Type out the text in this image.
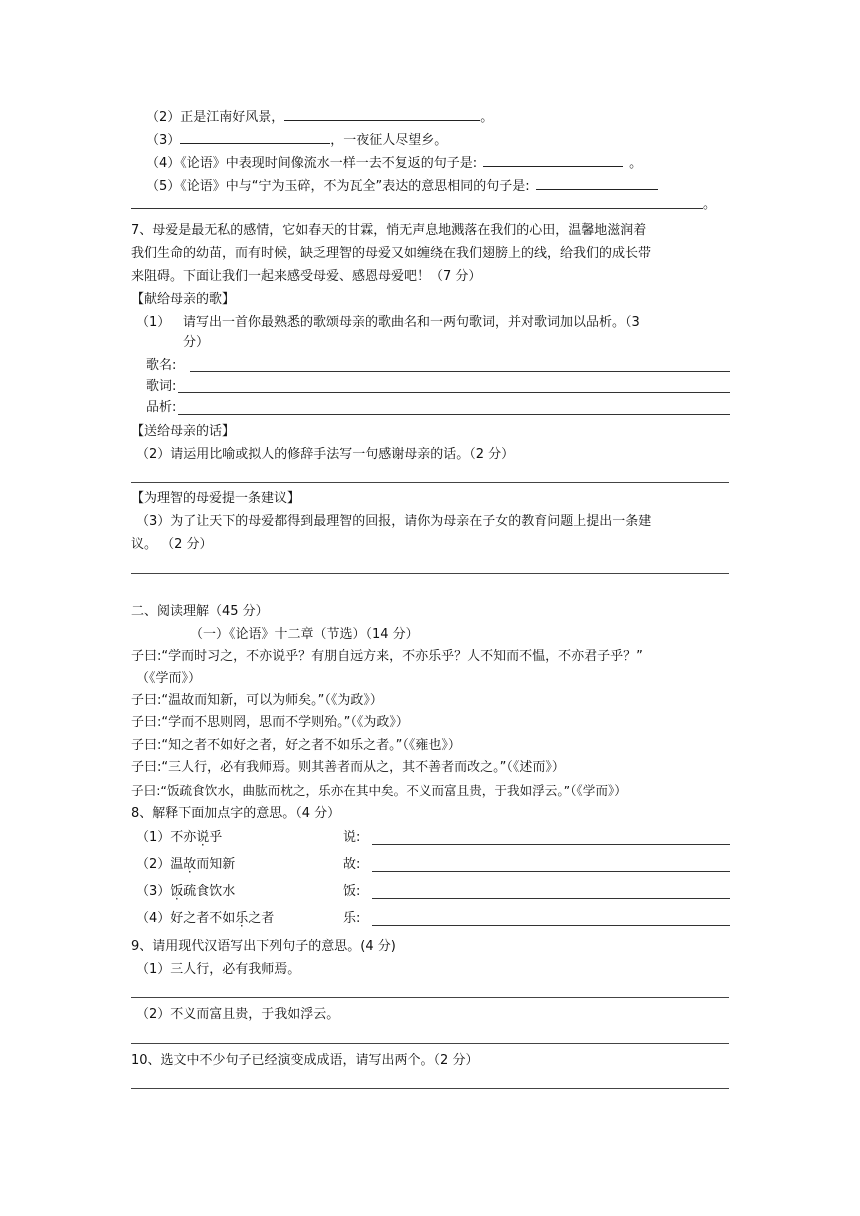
（2）正是江南好风景，	。
（3）	，一夜征人尽望乡。
（4）《论语》中表现时间像流水一样一去不复返的句子是:	。
（5）《论语》中与“宁为玉碎，不为瓦全”表达的意思相同的句子是:
。
7、母爱是最无私的感情，它如春天的甘霖，悄无声息地溅落在我们的心田，温馨地滋润着
我们生命的幼苗，而有时候，缺乏理智的母爱又如缠绕在我们翅膀上的线，给我们的成长带
来阻碍。下面让我们一起来感受母爱、感恩母爱吧！（7 分）
【献给母亲的歌】
（1） 请写出一首你最熟悉的歌颂母亲的歌曲名和一两句歌词，并对歌词加以品析。（3
分）
歌名:
歌词:
品析:
【送给母亲的话】
（2）请运用比喻或拟人的修辞手法写一句感谢母亲的话。（2 分）
【为理智的母爱提一条建议】
（3）为了让天下的母爱都得到最理智的回报，请你为母亲在子女的教育问题上提出一条建
议。 （2 分）
二、阅读理解（45 分）
（一）《论语》十二章（节选）（14 分）
子曰:“学而时习之，不亦说乎？有朋自远方来，不亦乐乎？人不知而不愠，不亦君子乎？”
（《学而》）
子曰:“温故而知新，可以为师矣。”（《为政》）
子曰:“学而不思则罔，思而不学则殆。”（《为政》）
子曰:“知之者不如好之者，好之者不如乐之者。”（《雍也》）
子曰:“三人行，必有我师焉。则其善者而从之，其不善者而改之。”（《述而》）
子曰:“饭疏食饮水，曲肱而枕之，乐亦在其中矣。不义而富且贵，于我如浮云。”（《学而》）
8、解释下面加点字的意思。（4 分）
（1）不亦说乎	说:
（2）温故而知新	故:
（3）饭疏食饮水	饭:
（4）好之者不如乐之者	乐:
9、请用现代汉语写出下列句子的意思。(4 分)
（1）三人行，必有我师焉。
（2）不义而富且贵，于我如浮云。
10、选文中不少句子已经演变成成语，请写出两个。（2 分）
